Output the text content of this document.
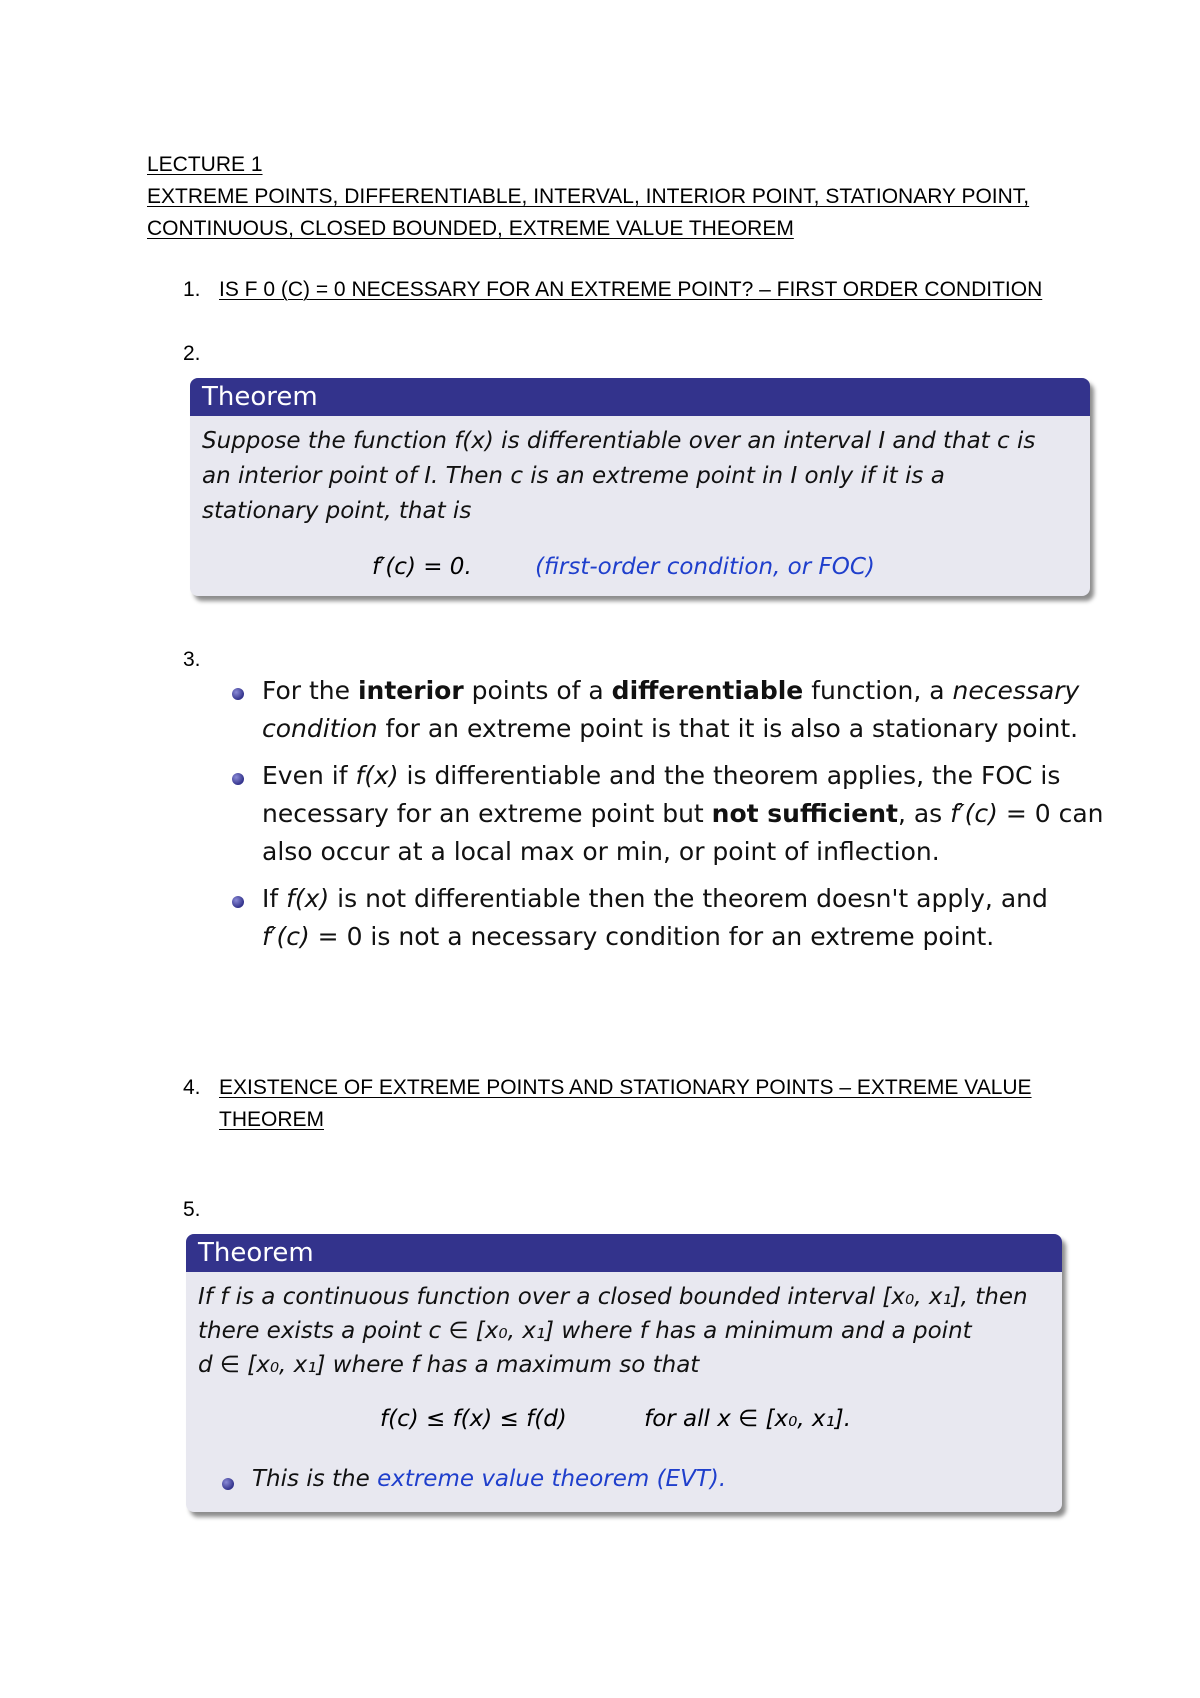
LECTURE 1
EXTREME POINTS, DIFFERENTIABLE, INTERVAL, INTERIOR POINT, STATIONARY POINT,
CONTINUOUS, CLOSED BOUNDED, EXTREME VALUE THEOREM
1. IS F 0 (C) = 0 NECESSARY FOR AN EXTREME POINT? – FIRST ORDER CONDITION
2.
Theorem
Suppose the function f(x) is differentiable over an interval I and that c is
an interior point of I. Then c is an extreme point in I only if it is a
stationary point, that is
f′(c) = 0.	(first-order condition, or FOC)
3.
For the interior points of a differentiable function, a necessary
condition for an extreme point is that it is also a stationary point.
Even if f(x) is differentiable and the theorem applies, the FOC is
necessary for an extreme point but not sufficient, as f′(c) = 0 can
also occur at a local max or min, or point of inflection.
If f(x) is not differentiable then the theorem doesn't apply, and
f′(c) = 0 is not a necessary condition for an extreme point.
4. EXISTENCE OF EXTREME POINTS AND STATIONARY POINTS – EXTREME VALUE
THEOREM
5.
Theorem
If f is a continuous function over a closed bounded interval [x₀, x₁], then
there exists a point c ∈ [x₀, x₁] where f has a minimum and a point
d ∈ [x₀, x₁] where f has a maximum so that
f(c) ≤ f(x) ≤ f(d)	for all x ∈ [x₀, x₁].
This is the extreme value theorem (EVT).
